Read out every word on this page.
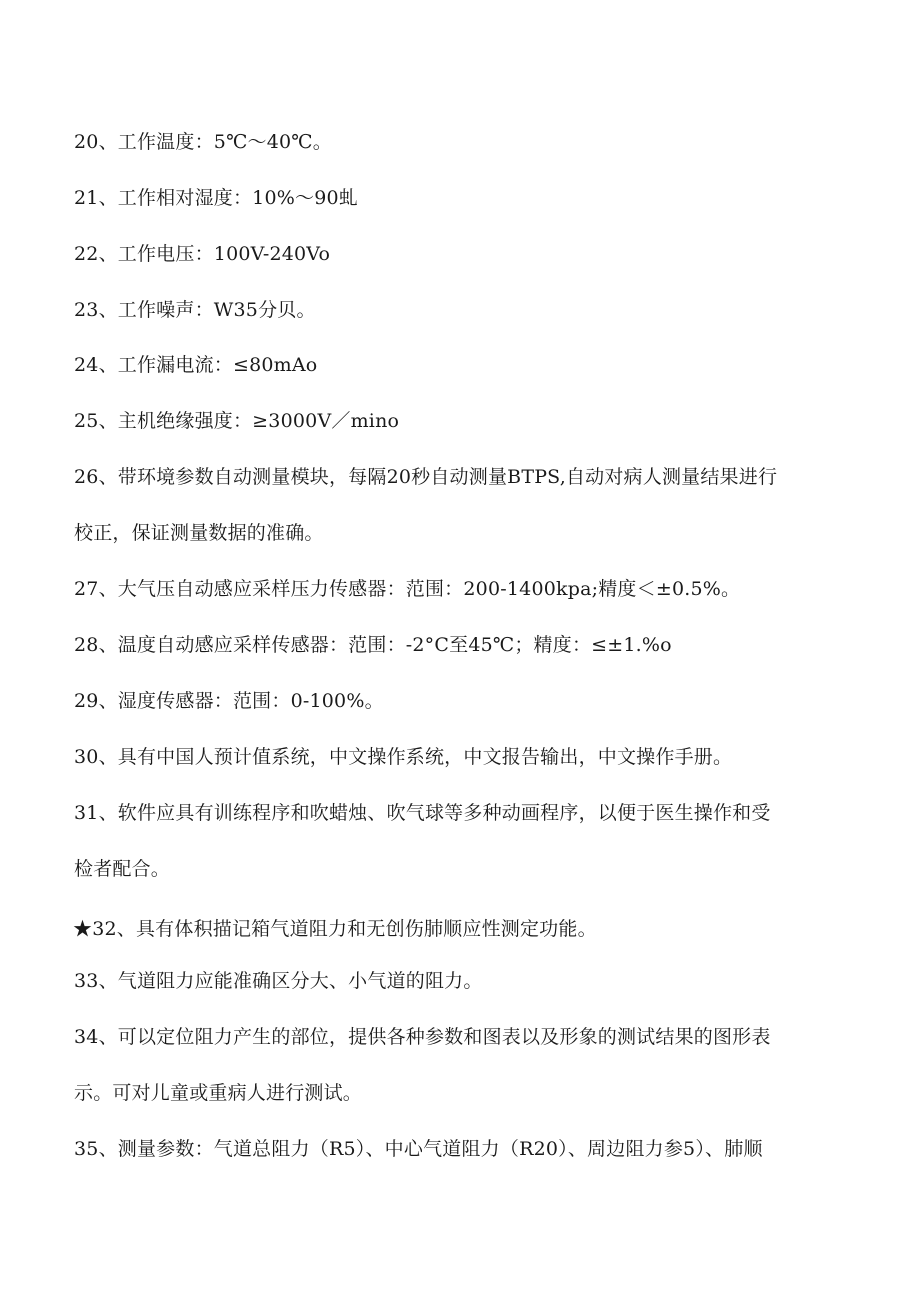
20、工作温度：5℃～40℃。

21、工作相对湿度：10%～90虬

22、工作电压：100V-240Vo

23、工作噪声：W35分贝。

24、工作漏电流：≤80mAo

25、主机绝缘强度：≥3000V／mino

26、带环境参数自动测量模块，每隔20秒自动测量BTPS,自动对病人测量结果进行

校正，保证测量数据的准确。

27、大气压自动感应采样压力传感器：范围：200-1400kpa;精度＜±0.5%。

28、温度自动感应采样传感器：范围：-2°C至45℃；精度：≤±1.%o

29、湿度传感器：范围：0-100%。

30、具有中国人预计值系统，中文操作系统，中文报告输出，中文操作手册。

31、软件应具有训练程序和吹蜡烛、吹气球等多种动画程序，以便于医生操作和受

检者配合。

★32、具有体积描记箱气道阻力和无创伤肺顺应性测定功能。

33、气道阻力应能准确区分大、小气道的阻力。

34、可以定位阻力产生的部位，提供各种参数和图表以及形象的测试结果的图形表

示。可对儿童或重病人进行测试。

35、测量参数：气道总阻力（R5）、中心气道阻力（R20）、周边阻力参5）、肺顺
